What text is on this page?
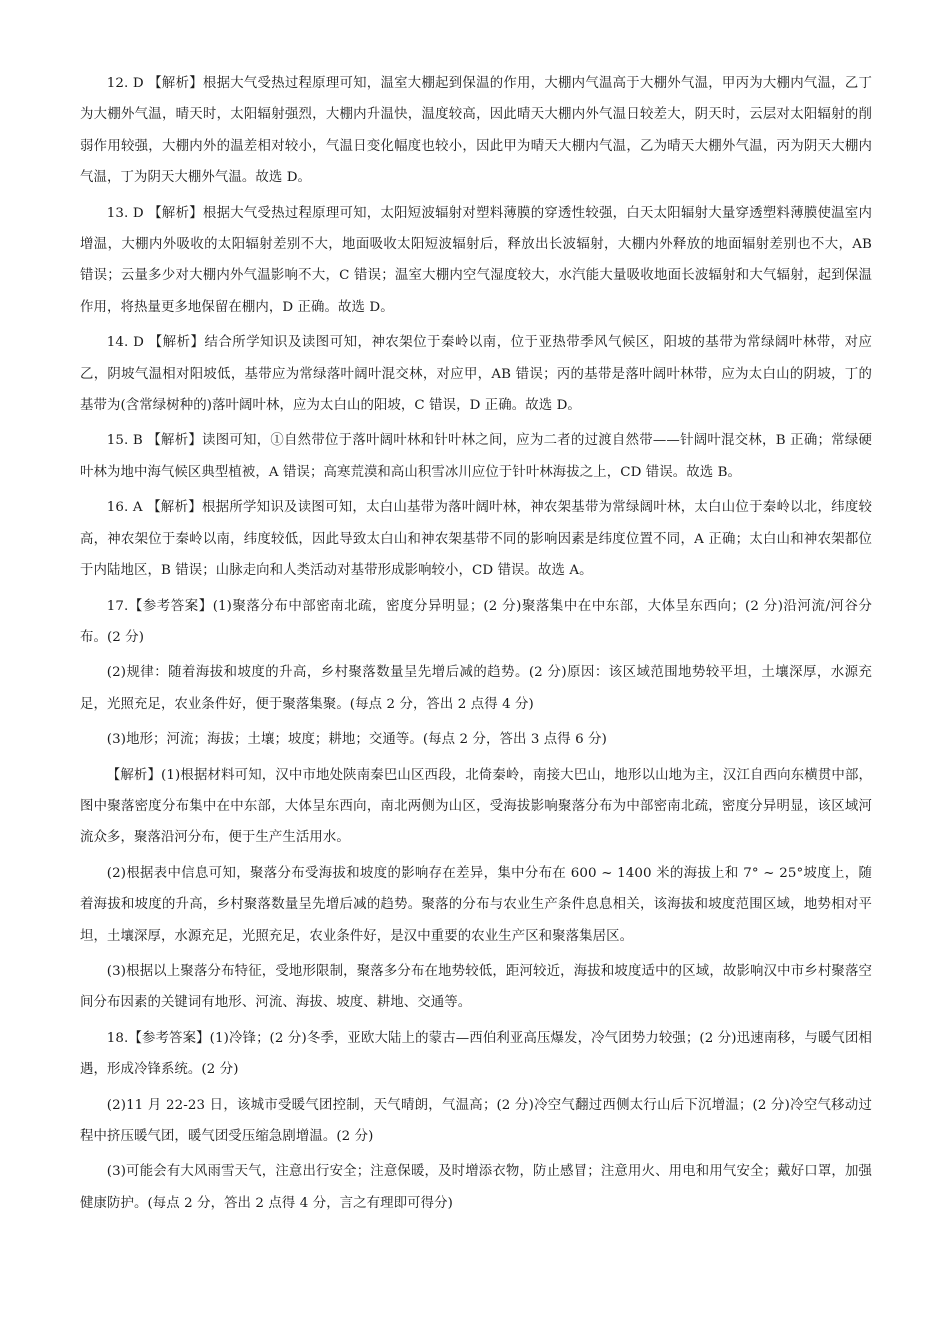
12. D 【解析】根据大气受热过程原理可知，温室大棚起到保温的作用，大棚内气温高于大棚外气温，甲丙为大棚内气温，乙丁为大棚外气温，晴天时，太阳辐射强烈，大棚内升温快，温度较高，因此晴天大棚内外气温日较差大，阴天时，云层对太阳辐射的削弱作用较强，大棚内外的温差相对较小，气温日变化幅度也较小，因此甲为晴天大棚内气温，乙为晴天大棚外气温，丙为阴天大棚内气温，丁为阴天大棚外气温。故选 D。

13. D 【解析】根据大气受热过程原理可知，太阳短波辐射对塑料薄膜的穿透性较强，白天太阳辐射大量穿透塑料薄膜使温室内增温，大棚内外吸收的太阳辐射差别不大，地面吸收太阳短波辐射后，释放出长波辐射，大棚内外释放的地面辐射差别也不大，AB 错误；云量多少对大棚内外气温影响不大，C 错误；温室大棚内空气湿度较大，水汽能大量吸收地面长波辐射和大气辐射，起到保温作用，将热量更多地保留在棚内，D 正确。故选 D。

14. D 【解析】结合所学知识及读图可知，神农架位于秦岭以南，位于亚热带季风气候区，阳坡的基带为常绿阔叶林带，对应乙，阴坡气温相对阳坡低，基带应为常绿落叶阔叶混交林，对应甲，AB 错误；丙的基带是落叶阔叶林带，应为太白山的阴坡，丁的基带为(含常绿树种的)落叶阔叶林，应为太白山的阳坡，C 错误，D 正确。故选 D。

15. B 【解析】读图可知，①自然带位于落叶阔叶林和针叶林之间，应为二者的过渡自然带——针阔叶混交林，B 正确；常绿硬叶林为地中海气候区典型植被，A 错误；高寒荒漠和高山积雪冰川应位于针叶林海拔之上，CD 错误。故选 B。

16. A 【解析】根据所学知识及读图可知，太白山基带为落叶阔叶林，神农架基带为常绿阔叶林，太白山位于秦岭以北，纬度较高，神农架位于秦岭以南，纬度较低，因此导致太白山和神农架基带不同的影响因素是纬度位置不同，A 正确；太白山和神农架都位于内陆地区，B 错误；山脉走向和人类活动对基带形成影响较小，CD 错误。故选 A。

17.【参考答案】(1)聚落分布中部密南北疏，密度分异明显；(2 分)聚落集中在中东部，大体呈东西向；(2 分)沿河流/河谷分布。(2 分)

(2)规律：随着海拔和坡度的升高，乡村聚落数量呈先增后减的趋势。(2 分)原因：该区域范围地势较平坦，土壤深厚，水源充足，光照充足，农业条件好，便于聚落集聚。(每点 2 分，答出 2 点得 4 分)

(3)地形；河流；海拔；土壤；坡度；耕地；交通等。(每点 2 分，答出 3 点得 6 分)

【解析】(1)根据材料可知，汉中市地处陕南秦巴山区西段，北倚秦岭，南接大巴山，地形以山地为主，汉江自西向东横贯中部，图中聚落密度分布集中在中东部，大体呈东西向，南北两侧为山区，受海拔影响聚落分布为中部密南北疏，密度分异明显，该区域河流众多，聚落沿河分布，便于生产生活用水。

(2)根据表中信息可知，聚落分布受海拔和坡度的影响存在差异，集中分布在 600 ~ 1400 米的海拔上和 7° ~ 25°坡度上，随着海拔和坡度的升高，乡村聚落数量呈先增后减的趋势。聚落的分布与农业生产条件息息相关，该海拔和坡度范围区域，地势相对平坦，土壤深厚，水源充足，光照充足，农业条件好，是汉中重要的农业生产区和聚落集居区。

(3)根据以上聚落分布特征，受地形限制，聚落多分布在地势较低，距河较近，海拔和坡度适中的区域，故影响汉中市乡村聚落空间分布因素的关键词有地形、河流、海拔、坡度、耕地、交通等。

18.【参考答案】(1)冷锋；(2 分)冬季，亚欧大陆上的蒙古—西伯利亚高压爆发，冷气团势力较强；(2 分)迅速南移，与暖气团相遇，形成冷锋系统。(2 分)

(2)11 月 22-23 日，该城市受暖气团控制，天气晴朗，气温高；(2 分)冷空气翻过西侧太行山后下沉增温；(2 分)冷空气移动过程中挤压暖气团，暖气团受压缩急剧增温。(2 分)

(3)可能会有大风雨雪天气，注意出行安全；注意保暖，及时增添衣物，防止感冒；注意用火、用电和用气安全；戴好口罩，加强健康防护。(每点 2 分，答出 2 点得 4 分，言之有理即可得分)
